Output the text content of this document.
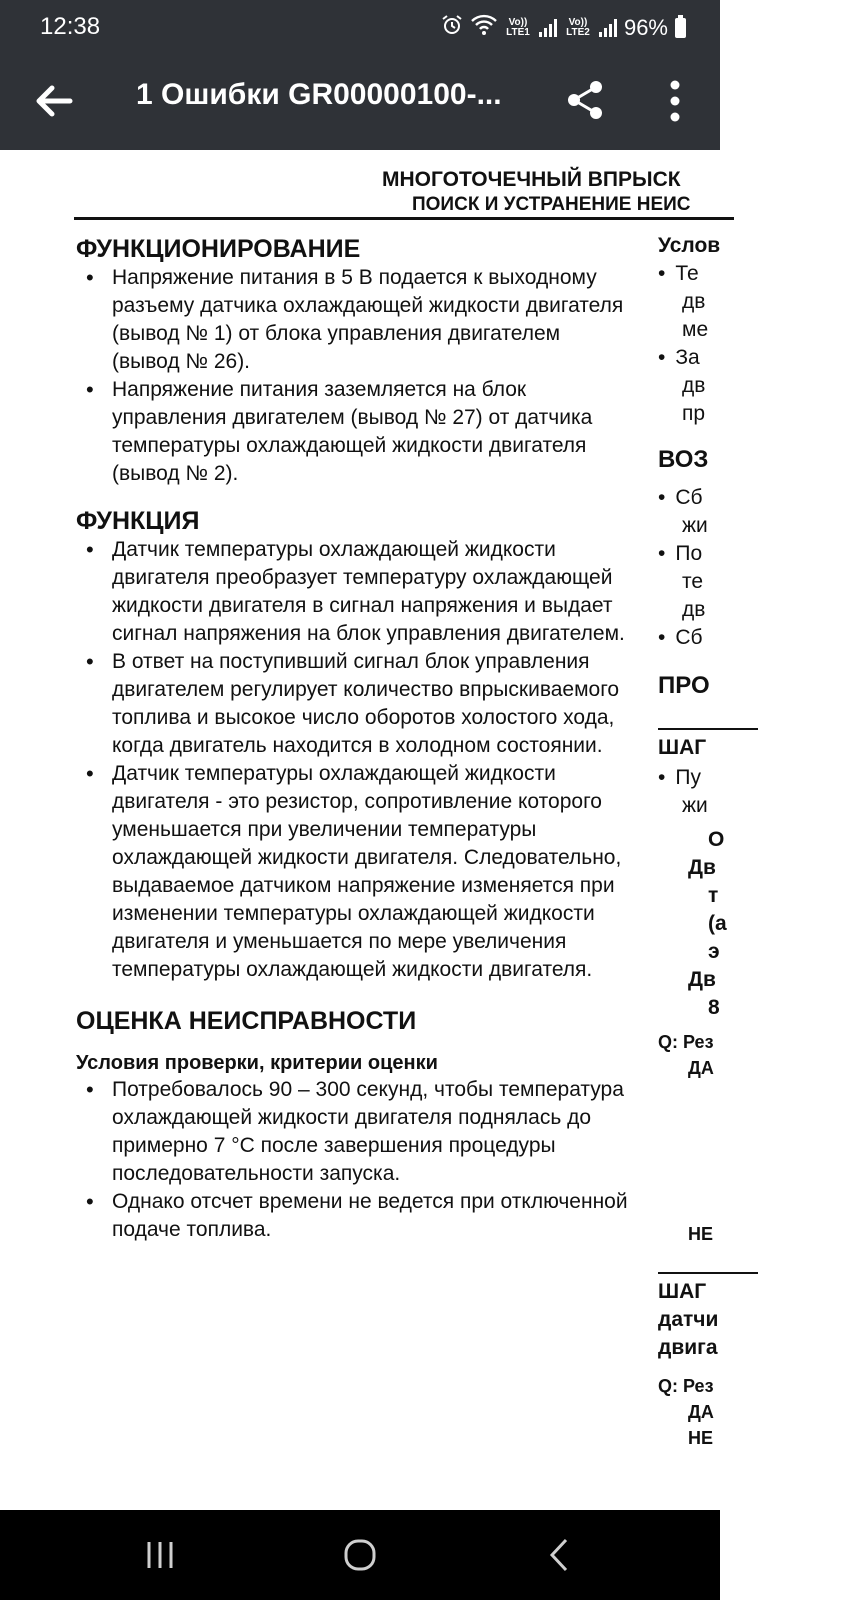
12:38	Vo)) LTE1
Vo)) LTE2 96%
1 Ошибки GR00000100-...
МНОГОТОЧЕЧНЫЙ ВПРЫСК
ПОИСК И УСТРАНЕНИЕ НЕИС
ФУНКЦИОНИРОВАНИЕ
• Напряжение питания в 5 В подается к выходному разъему датчика охлаждающей жидкости двигателя (вывод № 1) от блока управления двигателем (вывод № 26).
• Напряжение питания заземляется на блок управления двигателем (вывод № 27) от датчика температуры охлаждающей жидкости двигателя (вывод № 2).
ФУНКЦИЯ
• Датчик температуры охлаждающей жидкости двигателя преобразует температуру охлаждающей жидкости двигателя в сигнал напряжения и выдает сигнал напряжения на блок управления двигателем.
• В ответ на поступивший сигнал блок управления двигателем регулирует количество впрыскиваемого топлива и высокое число оборотов холостого хода, когда двигатель находится в холодном состоянии.
• Датчик температуры охлаждающей жидкости двигателя - это резистор, сопротивление которого уменьшается при увеличении температуры охлаждающей жидкости двигателя. Следовательно, выдаваемое датчиком напряжение изменяется при изменении температуры охлаждающей жидкости двигателя и уменьшается по мере увеличения температуры охлаждающей жидкости двигателя.
ОЦЕНКА НЕИСПРАВНОСТИ
Условия проверки, критерии оценки
• Потребовалось 90 – 300 секунд, чтобы температура охлаждающей жидкости двигателя поднялась до примерно 7 °C после завершения процедуры последовательности запуска.
• Однако отсчет времени не ведется при отключенной подаче топлива.
Услов
• Те
дв
ме
• За
дв
пр
ВОЗ
• Сб
жи
• По
те
дв
• Сб
ПРО
ШАГ
• Пу
жи
О
Дв
т
(а
э
Дв
8
Q: Рез
ДА
НЕ
ШАГ
датчи
двига
Q: Рез
ДА
НЕ
